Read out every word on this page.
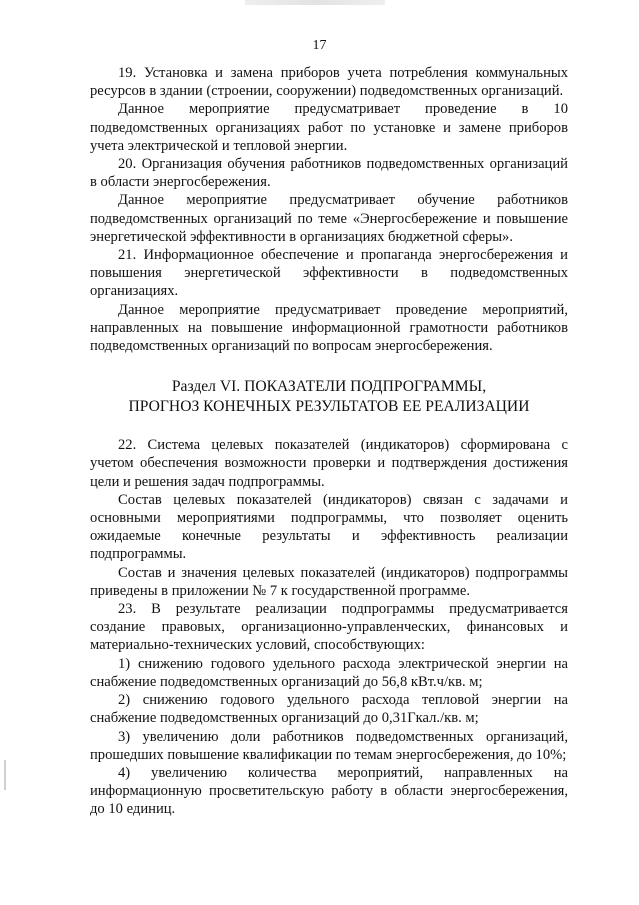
17

19. Установка и замена приборов учета потребления коммунальных ресурсов в здании (строении, сооружении) подведомственных организаций.

Данное мероприятие предусматривает проведение в 10 подведомственных организациях работ по установке и замене приборов учета электрической и тепловой энергии.

20. Организация обучения работников подведомственных организаций в области энергосбережения.

Данное мероприятие предусматривает обучение работников подведомственных организаций по теме «Энергосбережение и повышение энергетической эффективности в организациях бюджетной сферы».

21. Информационное обеспечение и пропаганда энергосбережения и повышения энергетической эффективности в подведомственных организациях.

Данное мероприятие предусматривает проведение мероприятий, направленных на повышение информационной грамотности работников подведомственных организаций по вопросам энергосбережения.

Раздел VI. ПОКАЗАТЕЛИ ПОДПРОГРАММЫ,
ПРОГНОЗ КОНЕЧНЫХ РЕЗУЛЬТАТОВ ЕЕ РЕАЛИЗАЦИИ

22. Система целевых показателей (индикаторов) сформирована с учетом обеспечения возможности проверки и подтверждения достижения цели и решения задач подпрограммы.

Состав целевых показателей (индикаторов) связан с задачами и основными мероприятиями подпрограммы, что позволяет оценить ожидаемые конечные результаты и эффективность реализации подпрограммы.

Состав и значения целевых показателей (индикаторов) подпрограммы приведены в приложении № 7 к государственной программе.

23. В результате реализации подпрограммы предусматривается создание правовых, организационно-управленческих, финансовых и материально-технических условий, способствующих:

1) снижению годового удельного расхода электрической энергии на снабжение подведомственных организаций до 56,8 кВт.ч/кв. м;

2) снижению годового удельного расхода тепловой энергии на снабжение подведомственных организаций до 0,31Гкал./кв. м;

3) увеличению доли работников подведомственных организаций, прошедших повышение квалификации по темам энергосбережения, до 10%;

4) увеличению количества мероприятий, направленных на информационную просветительскую работу в области энергосбережения, до 10 единиц.
